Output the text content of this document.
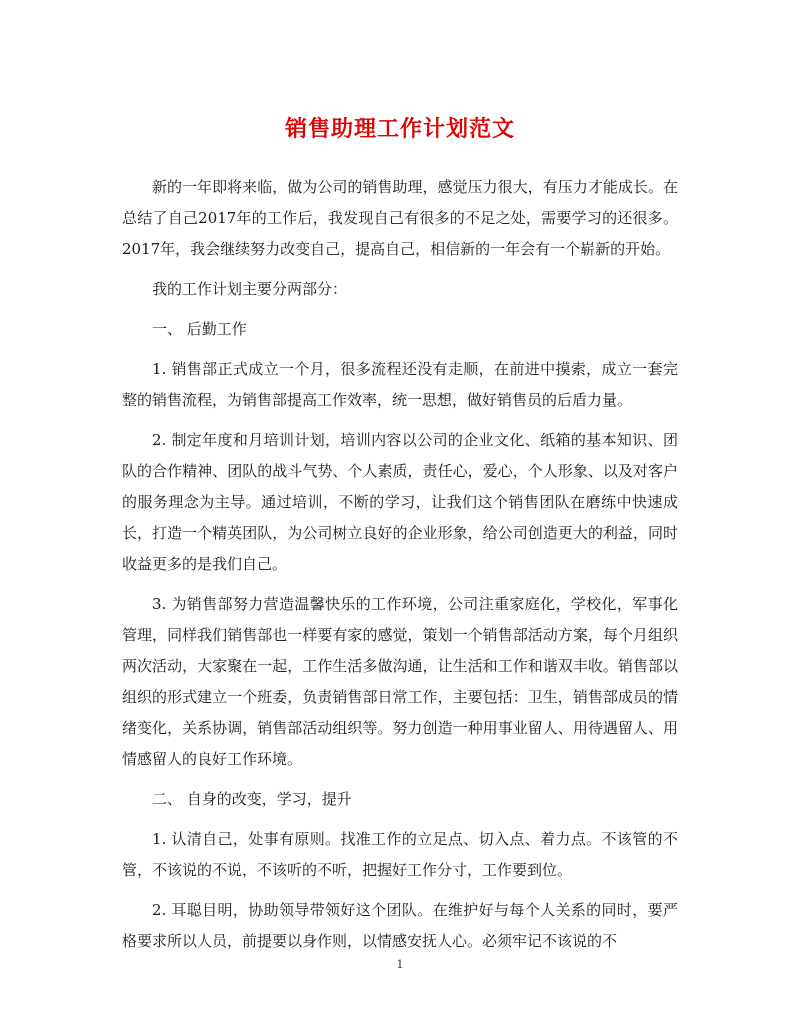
销售助理工作计划范文

新的一年即将来临，做为公司的销售助理，感觉压力很大，有压力才能成长。在总结了自己2017年的工作后，我发现自己有很多的不足之处，需要学习的还很多。2017年，我会继续努力改变自己，提高自己，相信新的一年会有一个崭新的开始。

我的工作计划主要分两部分：

一、 后勤工作

1. 销售部正式成立一个月，很多流程还没有走顺，在前进中摸索，成立一套完整的销售流程，为销售部提高工作效率，统一思想，做好销售员的后盾力量。

2. 制定年度和月培训计划，培训内容以公司的企业文化、纸箱的基本知识、团队的合作精神、团队的战斗气势、个人素质，责任心，爱心，个人形象、以及对客户的服务理念为主导。通过培训，不断的学习，让我们这个销售团队在磨练中快速成长，打造一个精英团队，为公司树立良好的企业形象，给公司创造更大的利益，同时收益更多的是我们自己。

3. 为销售部努力营造温馨快乐的工作环境，公司注重家庭化，学校化，军事化管理，同样我们销售部也一样要有家的感觉，策划一个销售部活动方案，每个月组织两次活动，大家聚在一起，工作生活多做沟通，让生活和工作和谐双丰收。销售部以组织的形式建立一个班委，负责销售部日常工作，主要包括：卫生，销售部成员的情绪变化，关系协调，销售部活动组织等。努力创造一种用事业留人、用待遇留人、用情感留人的良好工作环境。

二、 自身的改变，学习，提升

1. 认清自己，处事有原则。找准工作的立足点、切入点、着力点。不该管的不管，不该说的不说，不该听的不听，把握好工作分寸，工作要到位。

2. 耳聪目明，协助领导带领好这个团队。在维护好与每个人关系的同时，要严格要求所以人员，前提要以身作则，以情感安抚人心。必须牢记不该说的不

1
